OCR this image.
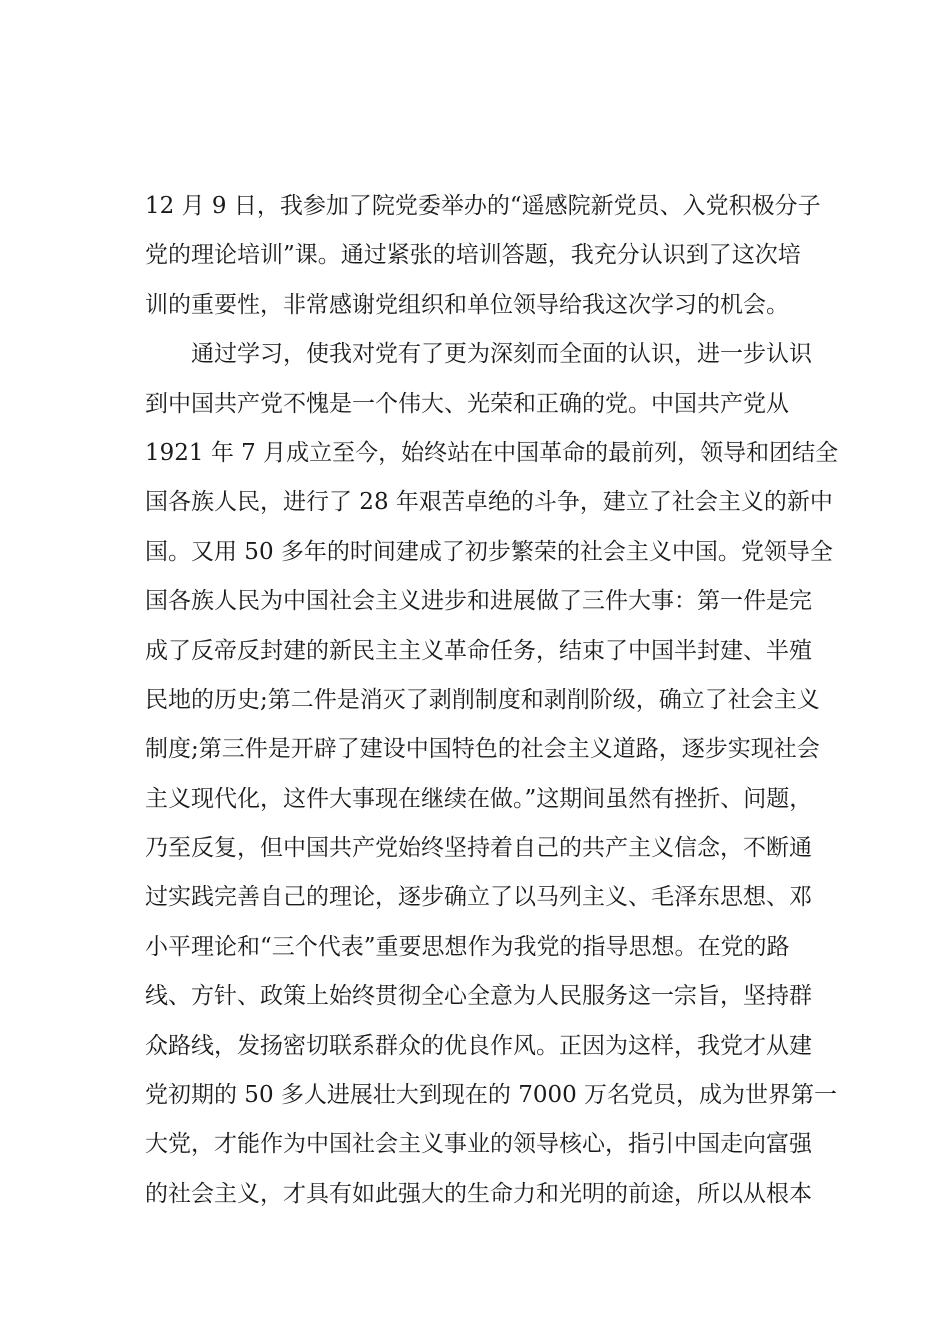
12 月 9 日，我参加了院党委举办的“遥感院新党员、入党积极分子
党的理论培训”课。通过紧张的培训答题，我充分认识到了这次培
训的重要性，非常感谢党组织和单位领导给我这次学习的机会。
通过学习，使我对党有了更为深刻而全面的认识，进一步认识
到中国共产党不愧是一个伟大、光荣和正确的党。中国共产党从
1921 年 7 月成立至今，始终站在中国革命的最前列，领导和团结全
国各族人民，进行了 28 年艰苦卓绝的斗争，建立了社会主义的新中
国。又用 50 多年的时间建成了初步繁荣的社会主义中国。党领导全
国各族人民为中国社会主义进步和进展做了三件大事：第一件是完
成了反帝反封建的新民主主义革命任务，结束了中国半封建、半殖
民地的历史;第二件是消灭了剥削制度和剥削阶级，确立了社会主义
制度;第三件是开辟了建设中国特色的社会主义道路，逐步实现社会
主义现代化，这件大事现在继续在做。”这期间虽然有挫折、问题，
乃至反复，但中国共产党始终坚持着自己的共产主义信念，不断通
过实践完善自己的理论，逐步确立了以马列主义、毛泽东思想、邓
小平理论和“三个代表”重要思想作为我党的指导思想。在党的路
线、方针、政策上始终贯彻全心全意为人民服务这一宗旨，坚持群
众路线，发扬密切联系群众的优良作风。正因为这样，我党才从建
党初期的 50 多人进展壮大到现在的 7000 万名党员，成为世界第一
大党，才能作为中国社会主义事业的领导核心，指引中国走向富强
的社会主义，才具有如此强大的生命力和光明的前途，所以从根本
